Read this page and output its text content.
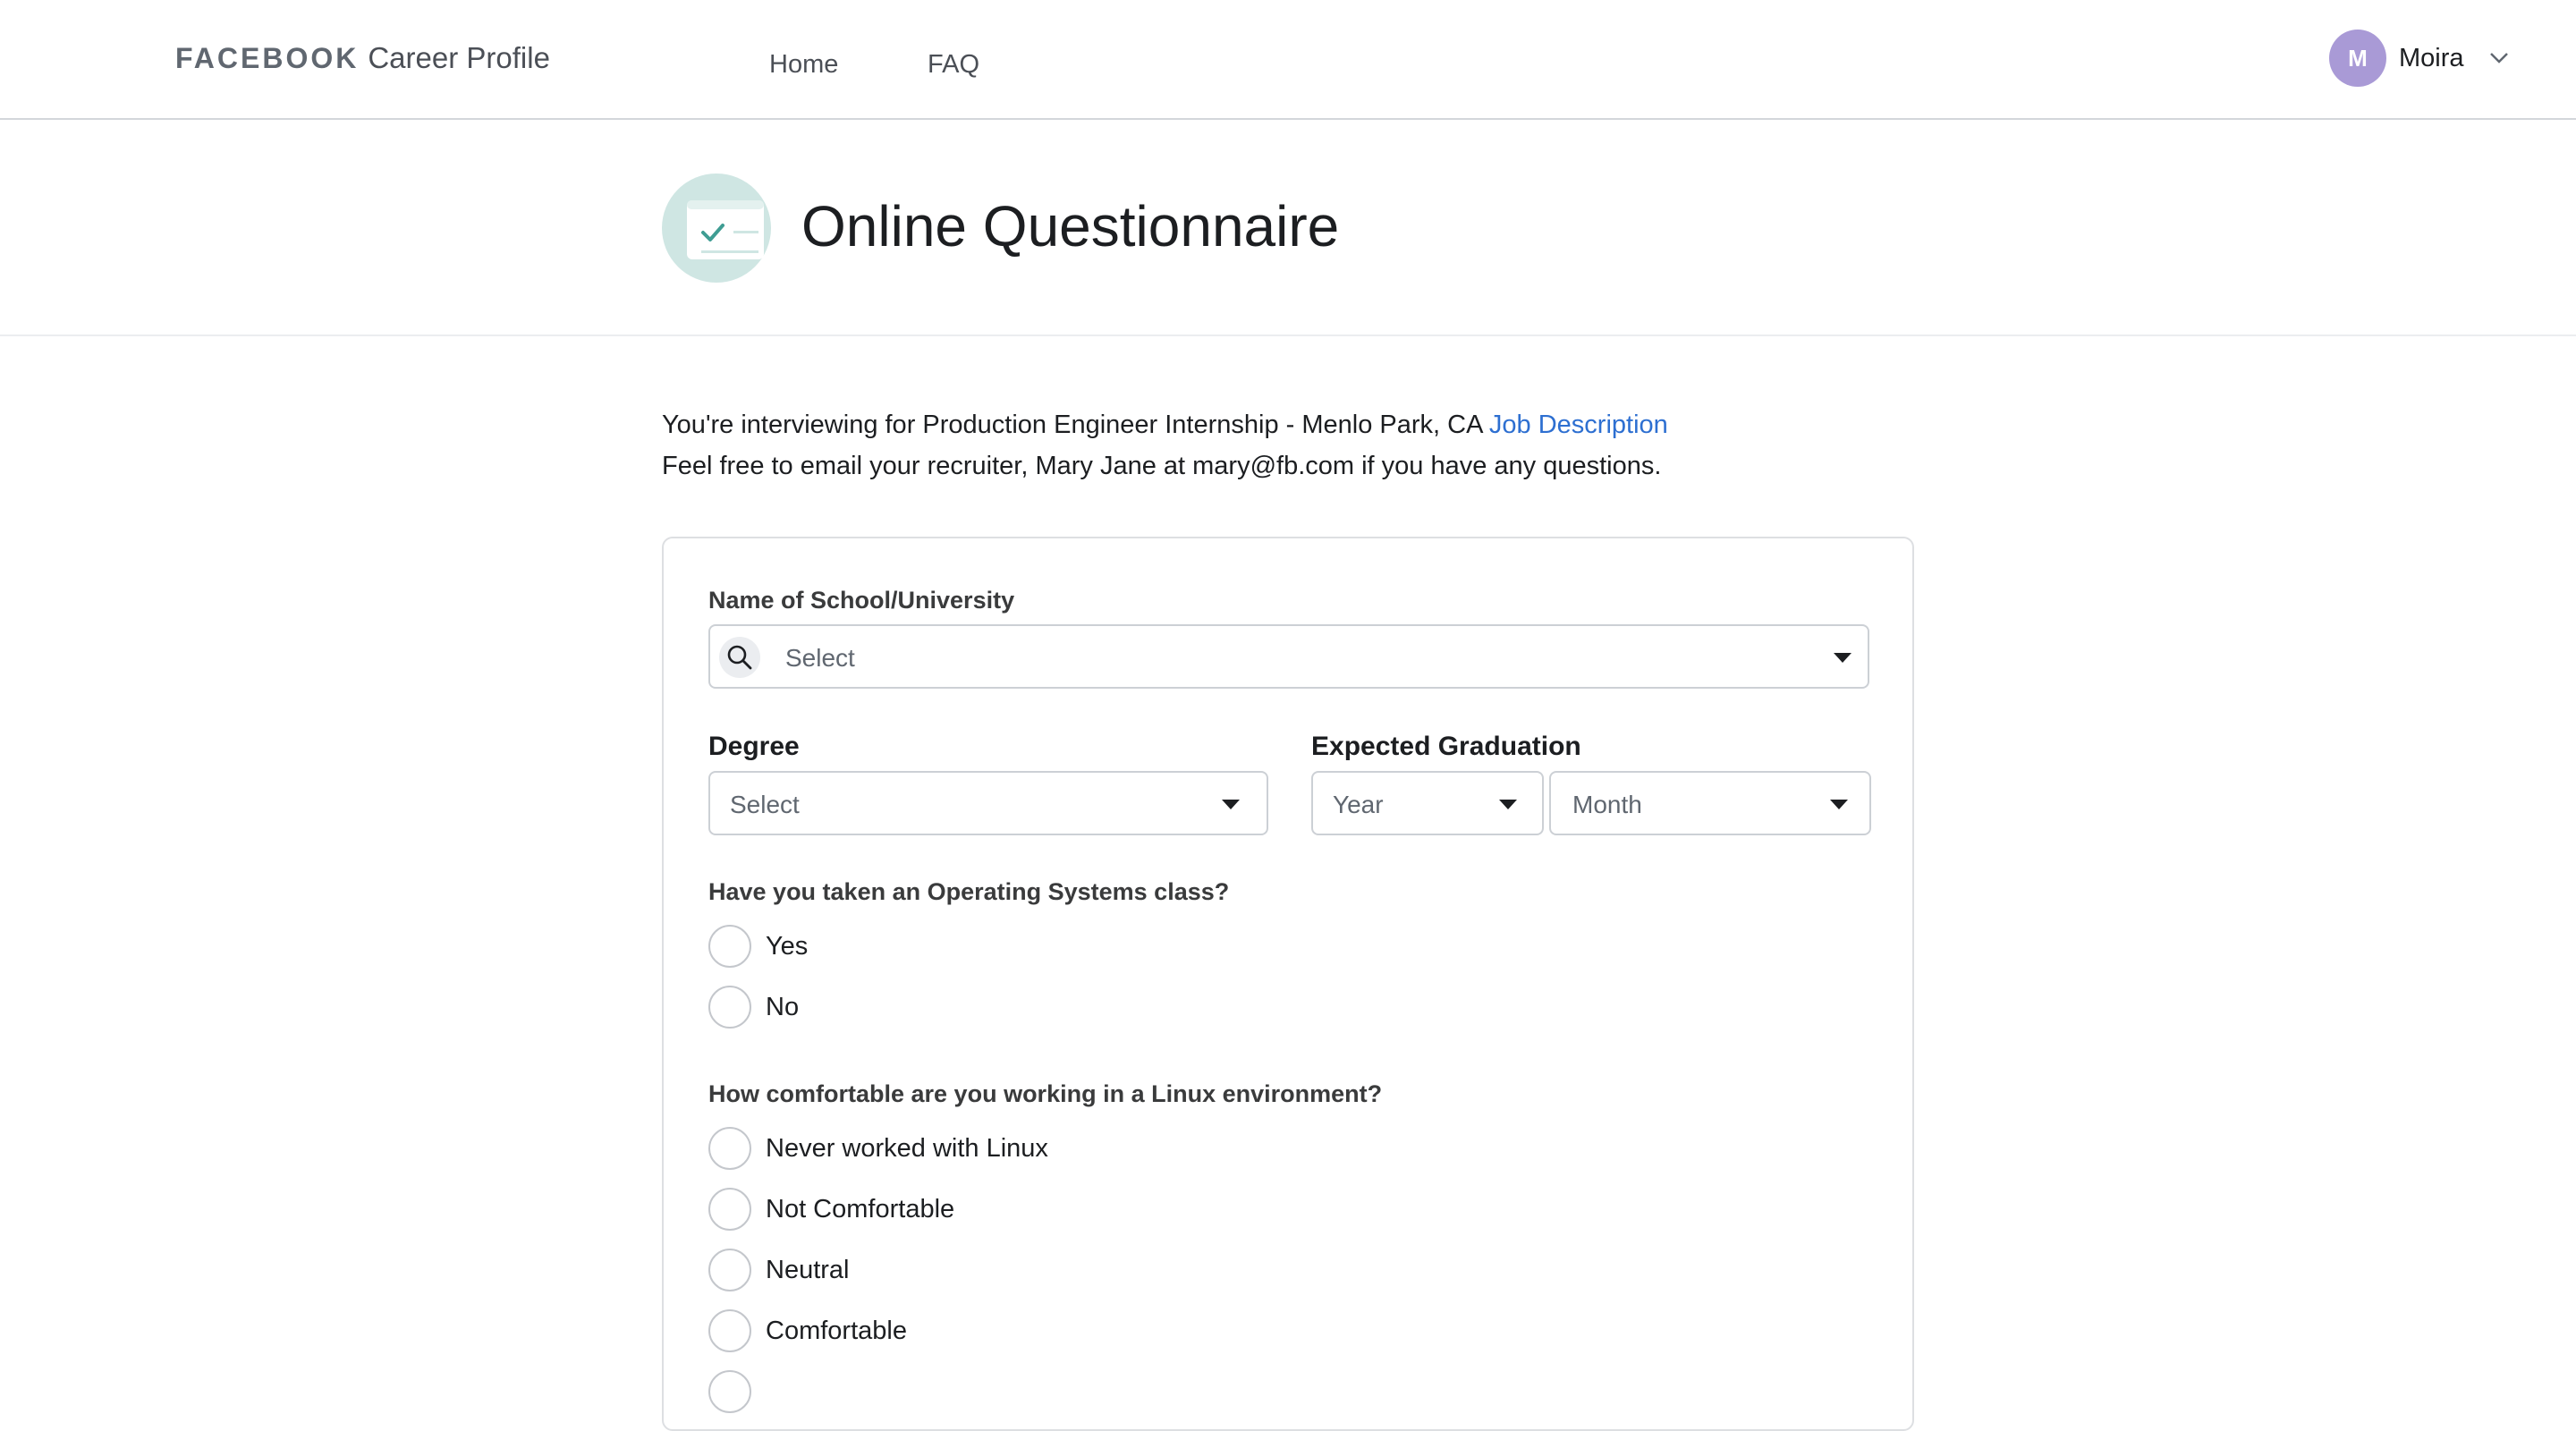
FACEBOOK Career Profile	Home	FAQ	M Moira
Online Questionnaire
You're interviewing for Production Engineer Internship - Menlo Park, CA Job Description
Feel free to email your recruiter, Mary Jane at mary@fb.com if you have any questions.
Name of School/University
Select
Degree
Select
Expected Graduation
Year	Month
Have you taken an Operating Systems class?
Yes
No
How comfortable are you working in a Linux environment?
Never worked with Linux
Not Comfortable
Neutral
Comfortable
